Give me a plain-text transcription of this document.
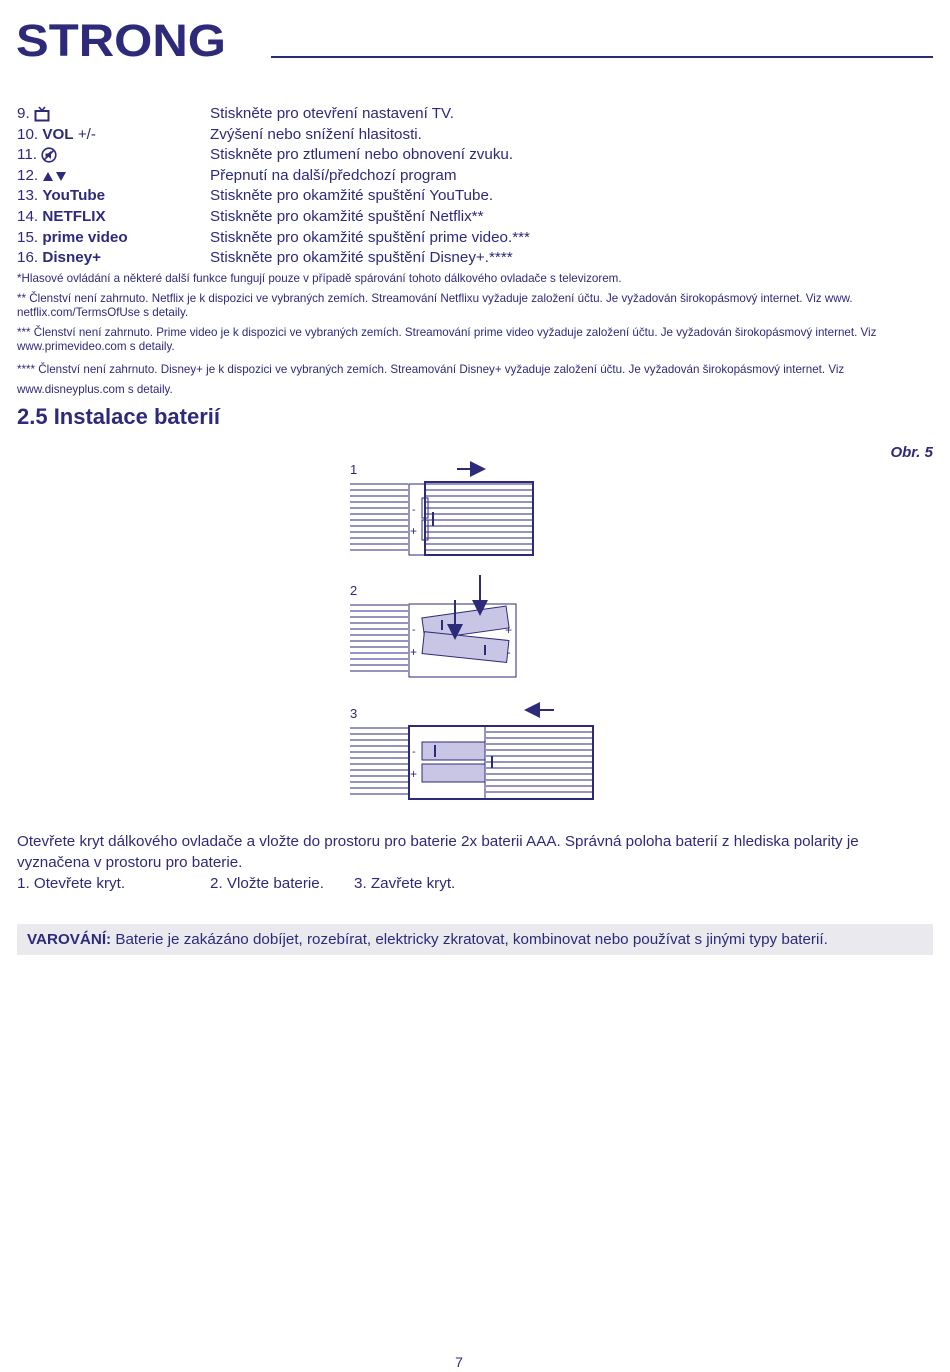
STRONG
9.	Stiskněte pro otevření nastavení TV.
10. VOL +/-	Zvýšení nebo snížení hlasitosti.
11.	Stiskněte pro ztlumení nebo obnovení zvuku.
12.	Přepnutí na další/předchozí program
13. YouTube	Stiskněte pro okamžité spuštění YouTube.
14. NETFLIX	Stiskněte pro okamžité spuštění Netflix**
15. prime video	Stiskněte pro okamžité spuštění prime video.***
16. Disney+	Stiskněte pro okamžité spuštění Disney+.****

*Hlasové ovládání a některé další funkce fungují pouze v případě spárování tohoto dálkového ovladače s televizorem.

** Členství není zahrnuto. Netflix je k dispozici ve vybraných zemích. Streamování Netflixu vyžaduje založení účtu. Je vyžadován širokopásmový internet. Viz www. netflix.com/TermsOfUse s detaily.

*** Členství není zahrnuto. Prime video je k dispozici ve vybraných zemích. Streamování prime video vyžaduje založení účtu. Je vyžadován širokopásmový internet. Viz www.primevideo.com s detaily.

**** Členství není zahrnuto. Disney+ je k dispozici ve vybraných zemích. Streamování Disney+ vyžaduje založení účtu. Je vyžadován širokopásmový internet. Viz www.disneyplus.com s detaily.

2.5 Instalace baterií
Obr. 5
1
2
3
-
+
-
+
+
-
-
+

Otevřete kryt dálkového ovladače a vložte do prostoru pro baterie 2x baterii AAA. Správná poloha baterií z hlediska polarity je vyznačena v prostoru pro baterie.

1. Otevřete kryt.	2. Vložte baterie. 3. Zavřete kryt.
VAROVÁNÍ: Baterie je zakázáno dobíjet, rozebírat, elektricky zkratovat, kombinovat nebo používat s jinými typy baterií.
7
